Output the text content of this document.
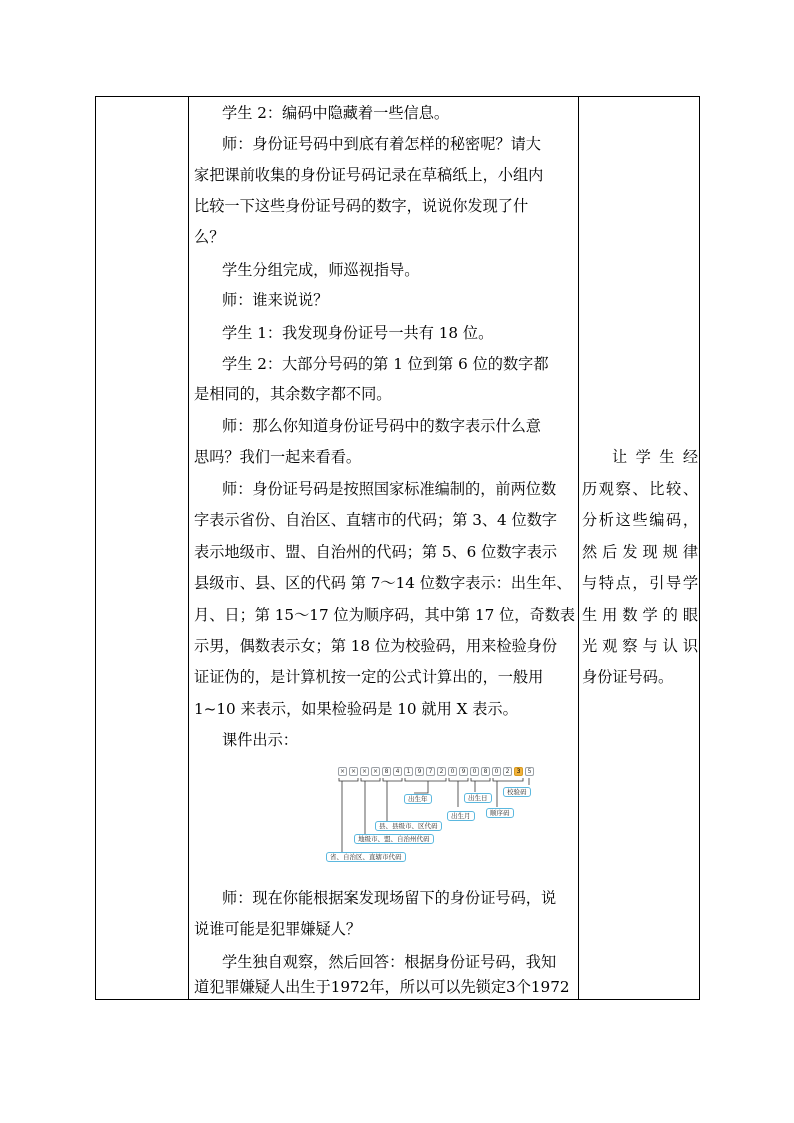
学生 2：编码中隐藏着一些信息。

师：身份证号码中到底有着怎样的秘密呢？请大

家把课前收集的身份证号码记录在草稿纸上，小组内

比较一下这些身份证号码的数字，说说你发现了什

么？

学生分组完成，师巡视指导。

师：谁来说说？

学生 1：我发现身份证号一共有 18 位。

学生 2：大部分号码的第 1 位到第 6 位的数字都

是相同的，其余数字都不同。

师：那么你知道身份证号码中的数字表示什么意

思吗？我们一起来看看。

师：身份证号码是按照国家标准编制的，前两位数

字表示省份、自治区、直辖市的代码；第 3、4 位数字

表示地级市、盟、自治州的代码；第 5、6 位数字表示

县级市、县、区的代码 第 7～14 位数字表示：出生年、

月、日；第 15～17 位为顺序码，其中第 17 位，奇数表

示男，偶数表示女；第 18 位为校验码，用来检验身份

证证伪的，是计算机按一定的公式计算出的，一般用

1~10 来表示，如果检验码是 10 就用 X 表示。

课件出示：

× × × ×	8	4	1	9	7	2	0	9	0	8	0	2	3	5
校验码
出生日
出生年
顺序码
出生月
县、县级市、区代码
地级市、盟、自治州代码
省、自治区、直辖市代码

师：现在你能根据案发现场留下的身份证号码，说

说谁可能是犯罪嫌疑人？

学生独自观察，然后回答：根据身份证号码，我知

道犯罪嫌疑人出生于1972年，所以可以先锁定3个1972

让学生经
历观察、比较、
分析这些编码，
然后发现规律
与特点，引导学
生用数学的眼
光观察与认识
身份证号码。
